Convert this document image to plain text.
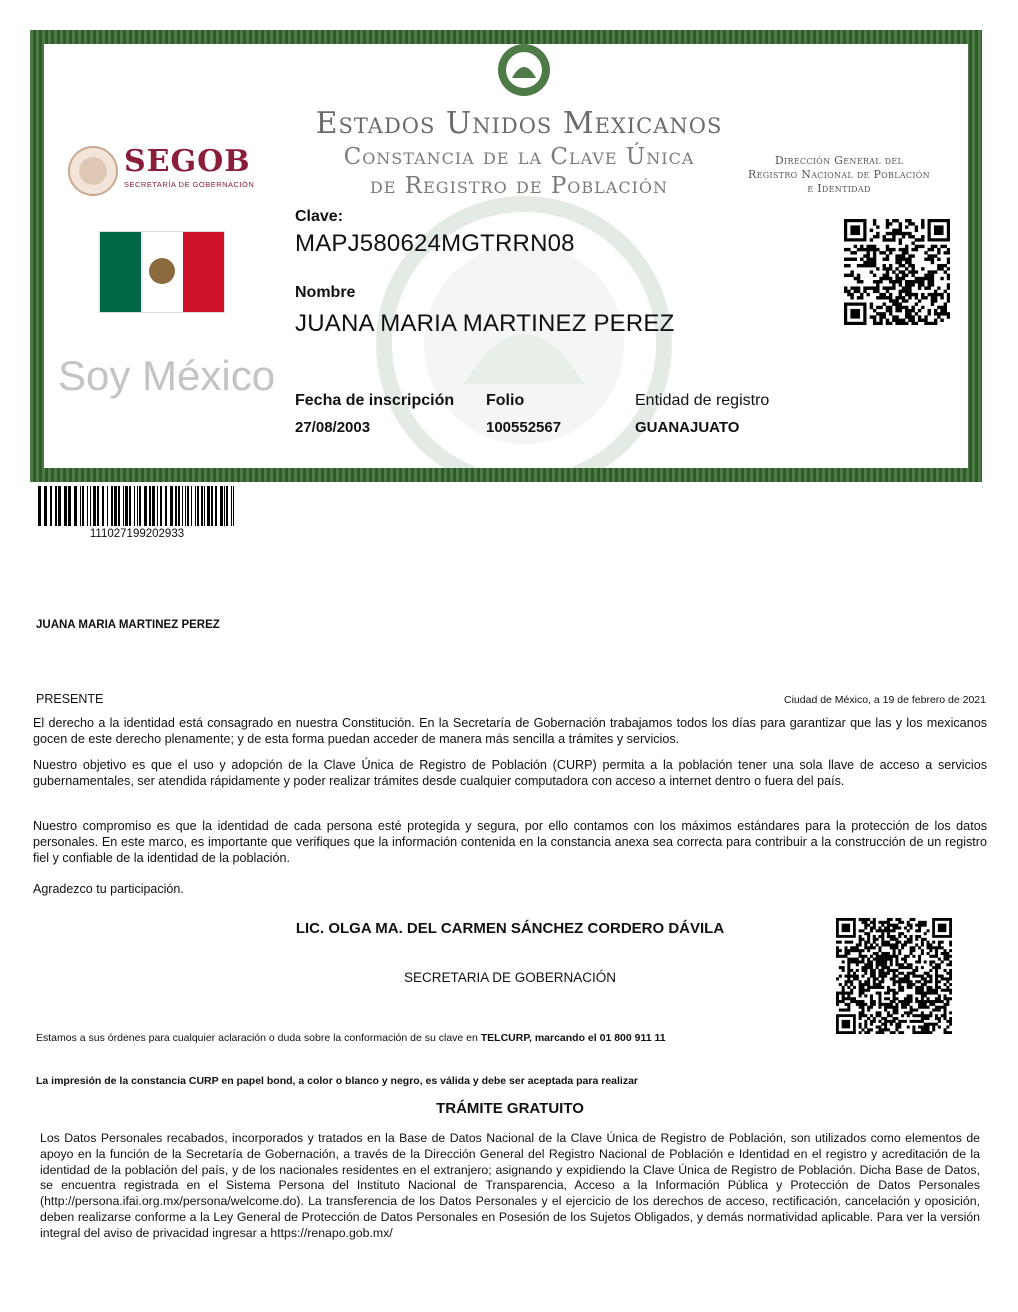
Estados Unidos Mexicanos
Constancia de la Clave Única
de Registro de Población
SEGOB
SECRETARÍA DE GOBERNACIÓN
Dirección General del
Registro Nacional de Población
e Identidad
Soy México
Clave:
MAPJ580624MGTRRN08
Nombre
JUANA MARIA MARTINEZ PEREZ
Fecha de inscripción
27/08/2003
Folio
100552567
Entidad de registro
GUANAJUATO
111027199202933
JUANA MARIA MARTINEZ PEREZ
PRESENTE	Ciudad de México, a 19 de febrero de 2021
El derecho a la identidad está consagrado en nuestra Constitución. En la Secretaría de Gobernación trabajamos todos los días para garantizar que las y los mexicanos gocen de este derecho plenamente; y de esta forma puedan acceder de manera más sencilla a trámites y servicios.
Nuestro objetivo es que el uso y adopción de la Clave Única de Registro de Población (CURP) permita a la población tener una sola llave de acceso a servicios gubernamentales, ser atendida rápidamente y poder realizar trámites desde cualquier computadora con acceso a internet dentro o fuera del país.
Nuestro compromiso es que la identidad de cada persona esté protegida y segura, por ello contamos con los máximos estándares para la protección de los datos personales. En este marco, es importante que verifiques que la información contenida en la constancia anexa sea correcta para contribuir a la construcción de un registro fiel y confiable de la identidad de la población.
Agradezco tu participación.
LIC. OLGA MA. DEL CARMEN SÁNCHEZ CORDERO DÁVILA
SECRETARIA DE GOBERNACIÓN
Estamos a sus órdenes para cualquier aclaración o duda sobre la conformación de su clave en TELCURP, marcando el 01 800 911 11
La impresión de la constancia CURP en papel bond, a color o blanco y negro, es válida y debe ser aceptada para realizar
TRÁMITE GRATUITO
Los Datos Personales recabados, incorporados y tratados en la Base de Datos Nacional de la Clave Única de Registro de Población, son utilizados como elementos de apoyo en la función de la Secretaría de Gobernación, a través de la Dirección General del Registro Nacional de Población e Identidad en el registro y acreditación de la identidad de la población del país, y de los nacionales residentes en el extranjero; asignando y expidiendo la Clave Única de Registro de Población. Dicha Base de Datos, se encuentra registrada en el Sistema Persona del Instituto Nacional de Transparencia, Acceso a la Información Pública y Protección de Datos Personales (http://persona.ifai.org.mx/persona/welcome.do). La transferencia de los Datos Personales y el ejercicio de los derechos de acceso, rectificación, cancelación y oposición, deben realizarse conforme a la Ley General de Protección de Datos Personales en Posesión de los Sujetos Obligados, y demás normatividad aplicable. Para ver la versión integral del aviso de privacidad ingresar a https://renapo.gob.mx/
